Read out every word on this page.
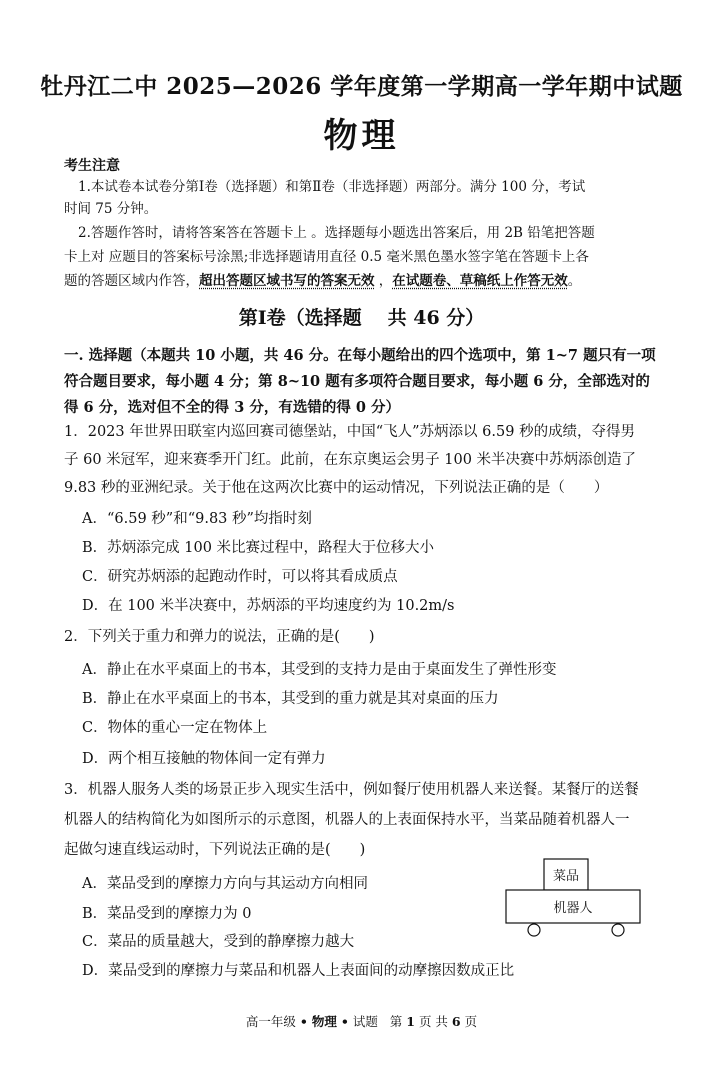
牡丹江二中 2025—2026 学年度第一学期高一学年期中试题
物理
考生注意
1.本试卷本试卷分第Ⅰ卷（选择题）和第Ⅱ卷（非选择题）两部分。满分 100 分，考试
时间 75 分钟。
2.答题作答时，请将答案答在答题卡上 。选择题每小题选出答案后，用 2B 铅笔把答题
卡上对 应题目的答案标号涂黑;非选择题请用直径 0.5 毫米黑色墨水签字笔在答题卡上各
题的答题区域内作答，超出答题区域书写的答案无效 ，在试题卷、草稿纸上作答无效。
第Ⅰ卷（选择题 共 46 分）
一. 选择题（本题共 10 小题，共 46 分。在每小题给出的四个选项中，第 1~7 题只有一项
符合题目要求，每小题 4 分；第 8~10 题有多项符合题目要求，每小题 6 分，全部选对的
得 6 分，选对但不全的得 3 分，有选错的得 0 分）
1．2023 年世界田联室内巡回赛司德堡站，中国“飞人”苏炳添以 6.59 秒的成绩，夺得男
子 60 米冠军，迎来赛季开门红。此前，在东京奥运会男子 100 米半决赛中苏炳添创造了
9.83 秒的亚洲纪录。关于他在这两次比赛中的运动情况，下列说法正确的是（　　）
A．“6.59 秒”和“9.83 秒”均指时刻
B．苏炳添完成 100 米比赛过程中，路程大于位移大小
C．研究苏炳添的起跑动作时，可以将其看成质点
D．在 100 米半决赛中，苏炳添的平均速度约为 10.2m/s
2．下列关于重力和弹力的说法，正确的是(　　)
A．静止在水平桌面上的书本，其受到的支持力是由于桌面发生了弹性形变
B．静止在水平桌面上的书本，其受到的重力就是其对桌面的压力
C．物体的重心一定在物体上
D．两个相互接触的物体间一定有弹力
3．机器人服务人类的场景正步入现实生活中，例如餐厅使用机器人来送餐。某餐厅的送餐
机器人的结构简化为如图所示的示意图，机器人的上表面保持水平，当菜品随着机器人一
起做匀速直线运动时，下列说法正确的是(　　)
A．菜品受到的摩擦力方向与其运动方向相同
B．菜品受到的摩擦力为 0
C．菜品的质量越大，受到的静摩擦力越大
D．菜品受到的摩擦力与菜品和机器人上表面间的动摩擦因数成正比
菜品
机器人
高一年级 • 物理 • 试题 第 1 页 共 6 页
